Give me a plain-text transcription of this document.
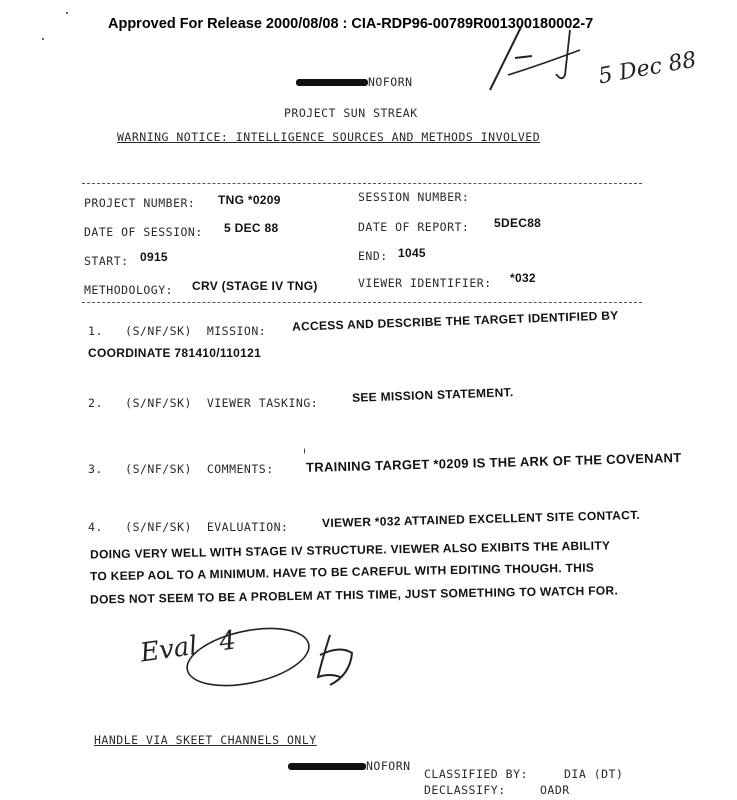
Approved For Release 2000/08/08 : CIA-RDP96-00789R001300180002-7
5 Dec 88
NOFORN
PROJECT SUN STREAK
WARNING NOTICE: INTELLIGENCE SOURCES AND METHODS INVOLVED
PROJECT NUMBER: TNG *0209	SESSION NUMBER:
DATE OF SESSION: 5 DEC 88	DATE OF REPORT: 5DEC88
START: 0915	END: 1045
METHODOLOGY: CRV (STAGE IV TNG)	VIEWER IDENTIFIER: *032
1. (S/NF/SK) MISSION: ACCESS AND DESCRIBE THE TARGET IDENTIFIED BY
COORDINATE 781410/110121
2. (S/NF/SK) VIEWER TASKING:	SEE MISSION STATEMENT.
3. (S/NF/SK) COMMENTS: TRAINING TARGET *0209 IS THE ARK OF THE COVENANT
4. (S/NF/SK) EVALUATION:	VIEWER *032 ATTAINED EXCELLENT SITE CONTACT.
DOING VERY WELL WITH STAGE IV STRUCTURE. VIEWER ALSO EXIBITS THE ABILITY
TO KEEP AOL TO A MINIMUM. HAVE TO BE CAREFUL WITH EDITING THOUGH. THIS
DOES NOT SEEM TO BE A PROBLEM AT THIS TIME, JUST SOMETHING TO WATCH FOR.
Eval 4
HANDLE VIA SKEET CHANNELS ONLY
NOFORN
CLASSIFIED BY:	DIA (DT)
DECLASSIFY:	OADR
